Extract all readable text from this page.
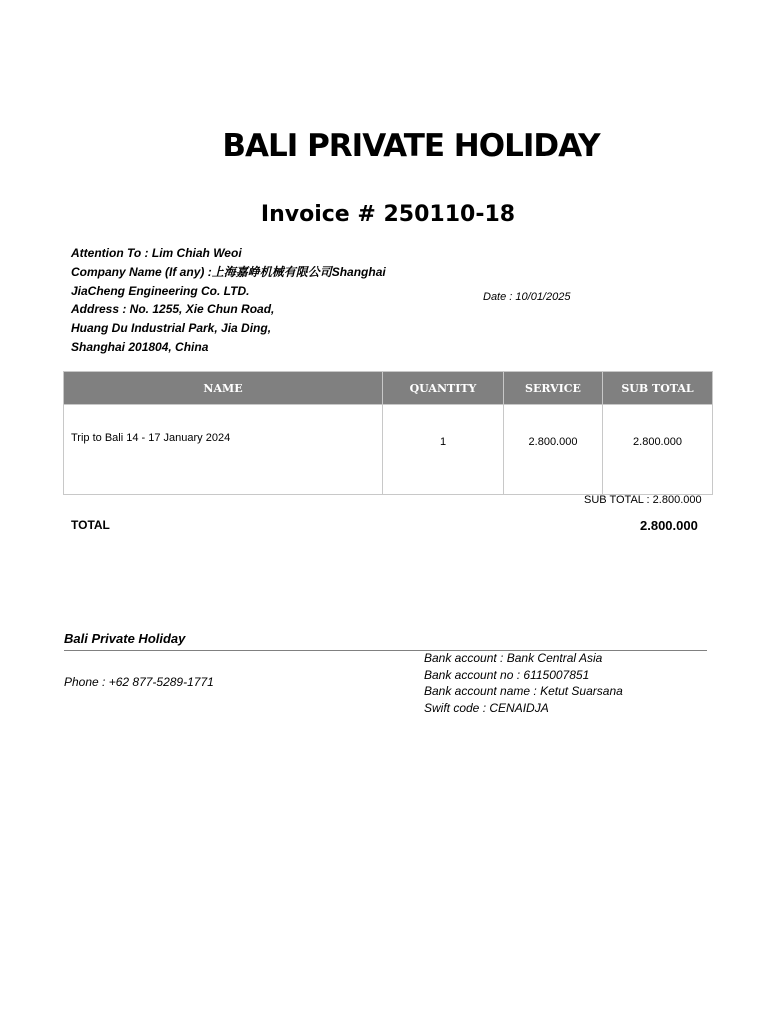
BALI PRIVATE HOLIDAY
Invoice # 250110-18
Attention To : Lim Chiah Weoi
Company Name (If any) :上海嘉峥机械有限公司Shanghai
JiaCheng Engineering Co. LTD.
Address : No. 1255, Xie Chun Road,
Huang Du Industrial Park, Jia Ding,
Shanghai 201804, China
Date : 10/01/2025
NAME	QUANTITY	SERVICE	SUB TOTAL
Trip to Bali 14 - 17 January 2024	1	2.800.000	2.800.000
SUB TOTAL : 2.800.000
TOTAL	2.800.000
Bali Private Holiday
Phone : +62 877-5289-1771
Bank account : Bank Central Asia
Bank account no : 6115007851
Bank account name : Ketut Suarsana
Swift code : CENAIDJA
